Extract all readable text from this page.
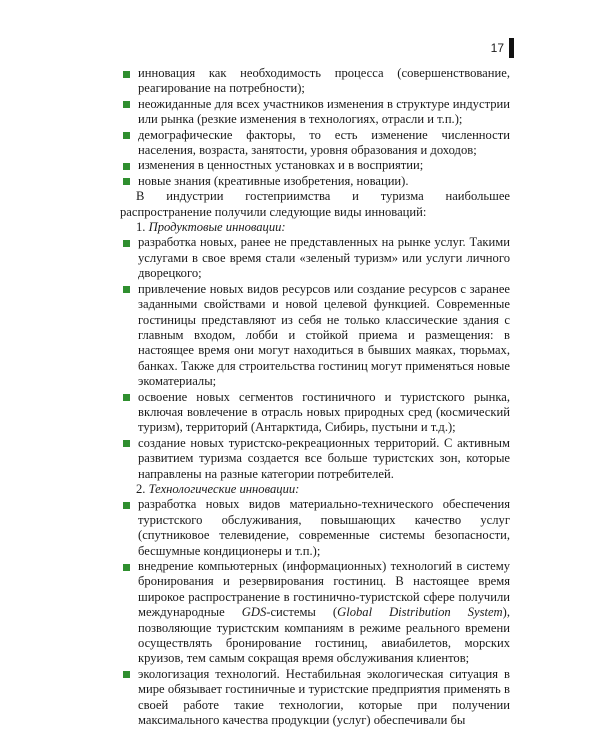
17
инновация как необходимость процесса (совершенствование, реагирование на потребности);
неожиданные для всех участников изменения в структуре индустрии или рынка (резкие изменения в технологиях, отрасли и т.п.);
демографические факторы, то есть изменение численности населения, возраста, занятости, уровня образования и доходов;
изменения в ценностных установках и в восприятии;
новые знания (креативные изобретения, новации).
В индустрии гостеприимства и туризма наибольшее распространение получили следующие виды инноваций:
1. Продуктовые инновации:
разработка новых, ранее не представленных на рынке услуг. Такими услугами в свое время стали «зеленый туризм» или услуги личного дворецкого;
привлечение новых видов ресурсов или создание ресурсов с заранее заданными свойствами и новой целевой функцией. Современные гостиницы представляют из себя не только классические здания с главным входом, лобби и стойкой приема и размещения: в настоящее время они могут находиться в бывших маяках, тюрьмах, банках. Также для строительства гостиниц могут применяться новые экоматериалы;
освоение новых сегментов гостиничного и туристского рынка, включая вовлечение в отрасль новых природных сред (космический туризм), территорий (Антарктида, Сибирь, пустыни и т.д.);
создание новых туристско-рекреационных территорий. С активным развитием туризма создается все больше туристских зон, которые направлены на разные категории потребителей.
2. Технологические инновации:
разработка новых видов материально-технического обеспечения туристского обслуживания, повышающих качество услуг (спутниковое телевидение, современные системы безопасности, бесшумные кондиционеры и т.п.);
внедрение компьютерных (информационных) технологий в систему бронирования и резервирования гостиниц. В настоящее время широкое распространение в гостинично-туристской сфере получили международные GDS-системы (Global Distribution System), позволяющие туристским компаниям в режиме реального времени осуществлять бронирование гостиниц, авиабилетов, морских круизов, тем самым сокращая время обслуживания клиентов;
экологизация технологий. Нестабильная экологическая ситуация в мире обязывает гостиничные и туристские предприятия применять в своей работе такие технологии, которые при получении максимального качества продукции (услуг) обеспечивали бы
